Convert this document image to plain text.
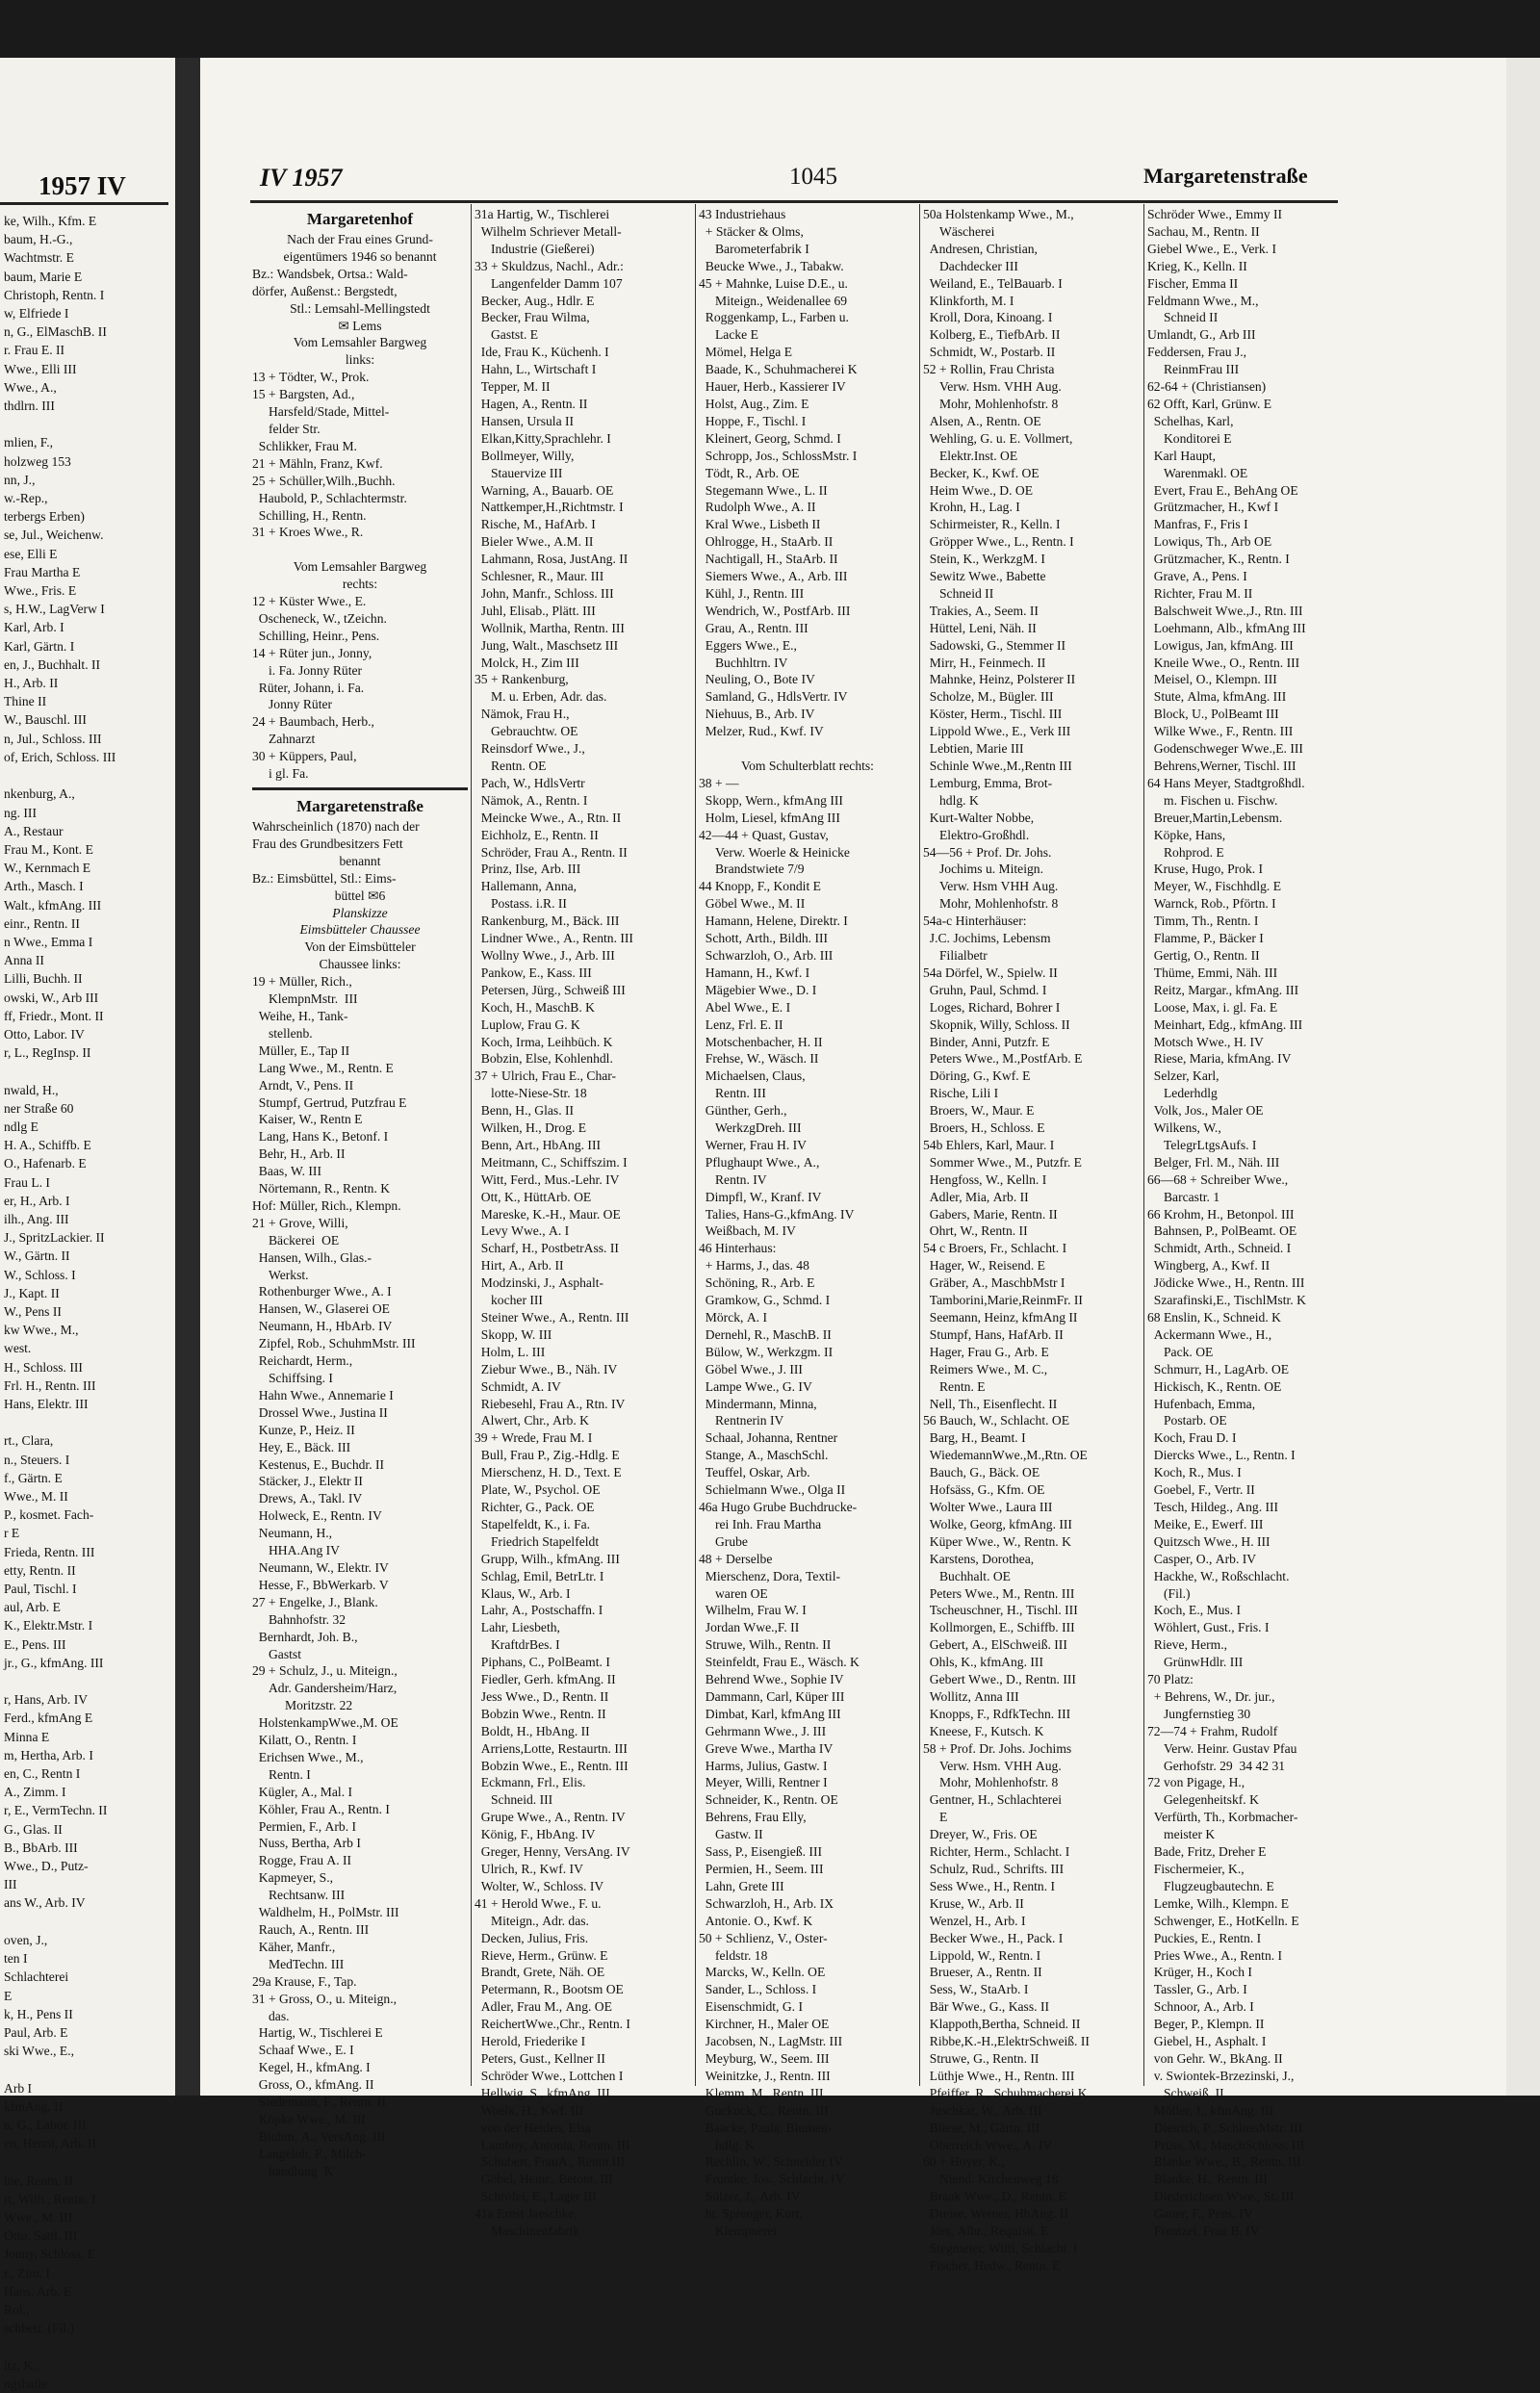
1957 IV
ke, Wilh., Kfm. E
baum, H.-G.,
Wachtmstr. E
baum, Marie E
Christoph, Rentn. I
w, Elfriede I
n, G., ElMaschB. II
r. Frau E. II
Wwe., Elli III
Wwe., A.,
thdlrn. III

mlien, F.,
holzweg 153
nn, J.,
w.-Rep.,
terbergs Erben)
se, Jul., Weichenw.
ese, Elli E
Frau Martha E
Wwe., Fris. E
s, H.W., LagVerw I
Karl, Arb. I
Karl, Gärtn. I
en, J., Buchhalt. II
H., Arb. II
Thine II
W., Bauschl. III
n, Jul., Schloss. III
of, Erich, Schloss. III

nkenburg, A.,
ng. III
A., Restaur
Frau M., Kont. E
W., Kernmach E
Arth., Masch. I
Walt., kfmAng. III
einr., Rentn. II
n Wwe., Emma I
Anna II
Lilli, Buchh. II
owski, W., Arb III
ff, Friedr., Mont. II
Otto, Labor. IV
r, L., RegInsp. II

nwald, H.,
ner Straße 60
ndlg E
H. A., Schiffb. E
O., Hafenarb. E
Frau L. I
er, H., Arb. I
ilh., Ang. III
J., SpritzLackier. II
W., Gärtn. II
W., Schloss. I
J., Kapt. II
W., Pens II
kw Wwe., M.,
west.
H., Schloss. III
Frl. H., Rentn. III
Hans, Elektr. III

rt., Clara,
n., Steuers. I
f., Gärtn. E
Wwe., M. II
P., kosmet. Fach-
r E
Frieda, Rentn. III
etty, Rentn. II
Paul, Tischl. I
aul, Arb. E
K., Elektr.Mstr. I
E., Pens. III
jr., G., kfmAng. III

r, Hans, Arb. IV
Ferd., kfmAng E
Minna E
m, Hertha, Arb. I
en, C., Rentn I
A., Zimm. I
r, E., VermTechn. II
G., Glas. II
B., BbArb. III
Wwe., D., Putz-
III
ans W., Arb. IV

oven, J.,
ten I
Schlachterei
E
k, H., Pens II
Paul, Arb. E
ski Wwe., E.,

Arb I
kfmAng. II
n, G., Labor. III
en, Henni, Arb. II

ine, Rentn. II
rt, Wilh., Rentn. I
Wwe., M. III
Otto, Sattl. III
Jonny, Schloss. E
r., Zim. I
Hans, Arb. E
Rol.,
schbetr. (Fil.)

itz, K.,
ngshalle
IV 1957	1045	Margaretenstraße
Margaretenhof
Nach der Frau eines Grund-
eigentümers 1946 so benannt
Bz.: Wandsbek, Ortsa.: Wald-
dörfer, Außenst.: Bergstedt,
Stl.: Lemsahl-Mellingstedt
✉ Lems
Vom Lemsahler Bargweg
links:
13 + Tödter, W., Prok.
15 + Bargsten, Ad.,
Harsfeld/Stade, Mittel-
felder Str.
Schlikker, Frau M.
21 + Mähln, Franz, Kwf.
25 + Schüller,Wilh.,Buchh.
Haubold, P., Schlachtermstr.
Schilling, H., Rentn.
31 + Kroes Wwe., R.

Vom Lemsahler Bargweg
rechts:
12 + Küster Wwe., E.
Oscheneck, W., tZeichn.
Schilling, Heinr., Pens.
14 + Rüter jun., Jonny,
i. Fa. Jonny Rüter
Rüter, Johann, i. Fa.
Jonny Rüter
24 + Baumbach, Herb.,
Zahnarzt
30 + Küppers, Paul,
i gl. Fa.
Margaretenstraße
Wahrscheinlich (1870) nach der
Frau des Grundbesitzers Fett
benannt
Bz.: Eimsbüttel, Stl.: Eims-
büttel ✉6
Planskizze
Eimsbütteler Chaussee
Von der Eimsbütteler
Chaussee links:
19 + Müller, Rich.,
KlempnMstr.  III
Weihe, H., Tank-
stellenb.
Müller, E., Tap II
Lang Wwe., M., Rentn. E
Arndt, V., Pens. II
Stumpf, Gertrud, Putzfrau E
Kaiser, W., Rentn E
Lang, Hans K., Betonf. I
Behr, H., Arb. II
Baas, W. III
Nörtemann, R., Rentn. K
Hof: Müller, Rich., Klempn.
21 + Grove, Willi,
Bäckerei  OE
Hansen, Wilh., Glas.-
Werkst.
Rothenburger Wwe., A. I
Hansen, W., Glaserei OE
Neumann, H., HbArb. IV
Zipfel, Rob., SchuhmMstr. III
Reichardt, Herm.,
Schiffsing. I
Hahn Wwe., Annemarie I
Drossel Wwe., Justina II
Kunze, P., Heiz. II
Hey, E., Bäck. III
Kestenus, E., Buchdr. II
Stäcker, J., Elektr II
Drews, A., Takl. IV
Holweck, E., Rentn. IV
Neumann, H.,
HHA.Ang IV
Neumann, W., Elektr. IV
Hesse, F., BbWerkarb. V
27 + Engelke, J., Blank.
Bahnhofstr. 32
Bernhardt, Joh. B.,
Gastst
29 + Schulz, J., u. Miteign.,
Adr. Gandersheim/Harz,
Moritzstr. 22
HolstenkampWwe.,M. OE
Kilatt, O., Rentn. I
Erichsen Wwe., M.,
Rentn. I
Kügler, A., Mal. I
Köhler, Frau A., Rentn. I
Permien, F., Arb. I
Nuss, Bertha, Arb I
Rogge, Frau A. II
Kapmeyer, S.,
Rechtsanw. III
Waldhelm, H., PolMstr. III
Rauch, A., Rentn. III
Käher, Manfr.,
MedTechn. III
29a Krause, F., Tap.
31 + Gross, O., u. Miteign.,
das.
Hartig, W., Tischlerei E
Schaaf Wwe., E. I
Kegel, H., kfmAng. I
Gross, O., kfmAng. II
Stedemann, F., Rentn. II
Köpke Wwe., M. III
Bluhm, A., VersAng. III
Langeloh, F., Milch-
handlung  K
31a Hartig, W., Tischlerei
Wilhelm Schriever Metall-
Industrie (Gießerei)
33 + Skuldzus, Nachl., Adr.:
Langenfelder Damm 107
Becker, Aug., Hdlr. E
Becker, Frau Wilma,
Gastst. E
Ide, Frau K., Küchenh. I
Hahn, L., Wirtschaft I
Tepper, M. II
Hagen, A., Rentn. II
Hansen, Ursula II
Elkan,Kitty,Sprachlehr. I
Bollmeyer, Willy,
Stauervize III
Warning, A., Bauarb. OE
Nattkemper,H.,Richtmstr. I
Rische, M., HafArb. I
Bieler Wwe., A.M. II
Lahmann, Rosa, JustAng. II
Schlesner, R., Maur. III
John, Manfr., Schloss. III
Juhl, Elisab., Plätt. III
Wollnik, Martha, Rentn. III
Jung, Walt., Maschsetz III
Molck, H., Zim III
35 + Rankenburg,
M. u. Erben, Adr. das.
Nämok, Frau H.,
Gebrauchtw. OE
Reinsdorf Wwe., J.,
Rentn. OE
Pach, W., HdlsVertr
Nämok, A., Rentn. I
Meincke Wwe., A., Rtn. II
Eichholz, E., Rentn. II
Schröder, Frau A., Rentn. II
Prinz, Ilse, Arb. III
Hallemann, Anna,
Postass. i.R. II
Rankenburg, M., Bäck. III
Lindner Wwe., A., Rentn. III
Wollny Wwe., J., Arb. III
Pankow, E., Kass. III
Petersen, Jürg., Schweiß III
Koch, H., MaschB. K
Luplow, Frau G. K
Koch, Irma, Leihbüch. K
Bobzin, Else, Kohlenhdl.
37 + Ulrich, Frau E., Char-
lotte-Niese-Str. 18
Benn, H., Glas. II
Wilken, H., Drog. E
Benn, Art., HbAng. III
Meitmann, C., Schiffszim. I
Witt, Ferd., Mus.-Lehr. IV
Ott, K., HüttArb. OE
Mareske, K.-H., Maur. OE
Levy Wwe., A. I
Scharf, H., PostbetrAss. II
Hirt, A., Arb. II
Modzinski, J., Asphalt-
kocher III
Steiner Wwe., A., Rentn. III
Skopp, W. III
Holm, L. III
Ziebur Wwe., B., Näh. IV
Schmidt, A. IV
Riebesehl, Frau A., Rtn. IV
Alwert, Chr., Arb. K
39 + Wrede, Frau M. I
Bull, Frau P., Zig.-Hdlg. E
Mierschenz, H. D., Text. E
Plate, W., Psychol. OE
Richter, G., Pack. OE
Stapelfeldt, K., i. Fa.
Friedrich Stapelfeldt
Grupp, Wilh., kfmAng. III
Schlag, Emil, BetrLtr. I
Klaus, W., Arb. I
Lahr, A., Postschaffn. I
Lahr, Liesbeth,
KraftdrBes. I
Piphans, C., PolBeamt. I
Fiedler, Gerh. kfmAng. II
Jess Wwe., D., Rentn. II
Bobzin Wwe., Rentn. II
Boldt, H., HbAng. II
Arriens,Lotte, Restaurtn. III
Bobzin Wwe., E., Rentn. III
Eckmann, Frl., Elis.
Schneid. III
Grupe Wwe., A., Rentn. IV
König, F., HbAng. IV
Greger, Henny, VersAng. IV
Ulrich, R., Kwf. IV
Wolter, W., Schloss. IV
41 + Herold Wwe., F. u.
Miteign., Adr. das.
Decken, Julius, Fris.
Rieve, Herm., Grünw. E
Brandt, Grete, Näh. OE
Petermann, R., Bootsm OE
Adler, Frau M., Ang. OE
ReichertWwe.,Chr., Rentn. I
Herold, Friederike I
Peters, Gust., Kellner II
Schröder Wwe., Lottchen I
Hellwig, S., kfmAng. III
Woelk, H., Kwf. III
von der Heiden, Elsa
Lamboy, Antonia, Rentn. III
Schubert, FrauA., Rentn III
Göbel, Heinr., Betont. III
Schröfel, E., Lager III
41a Ernst Jaeschke,
Maschinenfabrik
43 Industriehaus
+ Stäcker & Olms,
Barometerfabrik I
Beucke Wwe., J., Tabakw.
45 + Mahnke, Luise D.E., u.
Miteign., Weidenallee 69
Roggenkamp, L., Farben u.
Lacke E
Mömel, Helga E
Baade, K., Schuhmacherei K
Hauer, Herb., Kassierer IV
Holst, Aug., Zim. E
Hoppe, F., Tischl. I
Kleinert, Georg, Schmd. I
Schropp, Jos., SchlossMstr. I
Tödt, R., Arb. OE
Stegemann Wwe., L. II
Rudolph Wwe., A. II
Kral Wwe., Lisbeth II
Ohlrogge, H., StaArb. II
Nachtigall, H., StaArb. II
Siemers Wwe., A., Arb. III
Kühl, J., Rentn. III
Wendrich, W., PostfArb. III
Grau, A., Rentn. III
Eggers Wwe., E.,
Buchhltrn. IV
Neuling, O., Bote IV
Samland, G., HdlsVertr. IV
Niehuus, B., Arb. IV
Melzer, Rud., Kwf. IV

Vom Schulterblatt rechts:
38 + —
Skopp, Wern., kfmAng III
Holm, Liesel, kfmAng III
42—44 + Quast, Gustav,
Verw. Woerle & Heinicke
Brandstwiete 7/9
44 Knopp, F., Kondit E
Göbel Wwe., M. II
Hamann, Helene, Direktr. I
Schott, Arth., Bildh. III
Schwarzloh, O., Arb. III
Hamann, H., Kwf. I
Mägebier Wwe., D. I
Abel Wwe., E. I
Lenz, Frl. E. II
Motschenbacher, H. II
Frehse, W., Wäsch. II
Michaelsen, Claus,
Rentn. III
Günther, Gerh.,
WerkzgDreh. III
Werner, Frau H. IV
Pflughaupt Wwe., A.,
Rentn. IV
Dimpfl, W., Kranf. IV
Talies, Hans-G.,kfmAng. IV
Weißbach, M. IV
46 Hinterhaus:
+ Harms, J., das. 48
Schöning, R., Arb. E
Gramkow, G., Schmd. I
Mörck, A. I
Dernehl, R., MaschB. II
Bülow, W., Werkzgm. II
Göbel Wwe., J. III
Lampe Wwe., G. IV
Mindermann, Minna,
Rentnerin IV
Schaal, Johanna, Rentner
Stange, A., MaschSchl.
Teuffel, Oskar, Arb.
Schielmann Wwe., Olga II
46a Hugo Grube Buchdrucke-
rei Inh. Frau Martha
Grube
48 + Derselbe
Mierschenz, Dora, Textil-
waren OE
Wilhelm, Frau W. I
Jordan Wwe.,F. II
Struwe, Wilh., Rentn. II
Steinfeldt, Frau E., Wäsch. K
Behrend Wwe., Sophie IV
Dammann, Carl, Küper III
Dimbat, Karl, kfmAng III
Gehrmann Wwe., J. III
Greve Wwe., Martha IV
Harms, Julius, Gastw. I
Meyer, Willi, Rentner I
Schneider, K., Rentn. OE
Behrens, Frau Elly,
Gastw. II
Sass, P., Eisengieß. III
Permien, H., Seem. III
Lahn, Grete III
Schwarzloh, H., Arb. IX
Antonie. O., Kwf. K
50 + Schlienz, V., Oster-
feldstr. 18
Marcks, W., Kelln. OE
Sander, L., Schloss. I
Eisenschmidt, G. I
Kirchner, H., Maler OE
Jacobsen, N., LagMstr. III
Meyburg, W., Seem. III
Weinitzke, J., Rentn. III
Klemm, M., Rentn. III
Guckuck, C., Rentn. III
Baacke, Paula, Blumen-
hdlg. K
Rechlin, W., Schneider IV
Fruntke, Jos., Schlacht. IV
Sülzer, J., Arb. IV
ht. Sprenger, Kurt,
Klempnerei
50a Holstenkamp Wwe., M.,
Wäscherei
Andresen, Christian,
Dachdecker III
Weiland, E., TelBauarb. I
Klinkforth, M. I
Kroll, Dora, Kinoang. I
Kolberg, E., TiefbArb. II
Schmidt, W., Postarb. II
52 + Rollin, Frau Christa
Verw. Hsm. VHH Aug.
Mohr, Mohlenhofstr. 8
Alsen, A., Rentn. OE
Wehling, G. u. E. Vollmert,
Elektr.Inst. OE
Becker, K., Kwf. OE
Heim Wwe., D. OE
Krohn, H., Lag. I
Schirmeister, R., Kelln. I
Gröpper Wwe., L., Rentn. I
Stein, K., WerkzgM. I
Sewitz Wwe., Babette
Schneid II
Trakies, A., Seem. II
Hüttel, Leni, Näh. II
Sadowski, G., Stemmer II
Mirr, H., Feinmech. II
Mahnke, Heinz, Polsterer II
Scholze, M., Bügler. III
Köster, Herm., Tischl. III
Lippold Wwe., E., Verk III
Lebtien, Marie III
Schinle Wwe.,M.,Rentn III
Lemburg, Emma, Brot-
hdlg. K
Kurt-Walter Nobbe,
Elektro-Großhdl.
54—56 + Prof. Dr. Johs.
Jochims u. Miteign.
Verw. Hsm VHH Aug.
Mohr, Mohlenhofstr. 8
54a-c Hinterhäuser:
J.C. Jochims, Lebensm
Filialbetr
54a Dörfel, W., Spielw. II
Gruhn, Paul, Schmd. I
Loges, Richard, Bohrer I
Skopnik, Willy, Schloss. II
Binder, Anni, Putzfr. E
Peters Wwe., M.,PostfArb. E
Döring, G., Kwf. E
Rische, Lili I
Broers, W., Maur. E
Broers, H., Schloss. E
54b Ehlers, Karl, Maur. I
Sommer Wwe., M., Putzfr. E
Hengfoss, W., Kelln. I
Adler, Mia, Arb. II
Gabers, Marie, Rentn. II
Ohrt, W., Rentn. II
54 c Broers, Fr., Schlacht. I
Hager, W., Reisend. E
Gräber, A., MaschbMstr I
Tamborini,Marie,ReinmFr. II
Seemann, Heinz, kfmAng II
Stumpf, Hans, HafArb. II
Hager, Frau G., Arb. E
Reimers Wwe., M. C.,
Rentn. E
Nell, Th., Eisenflecht. II
56 Bauch, W., Schlacht. OE
Barg, H., Beamt. I
WiedemannWwe.,M.,Rtn. OE
Bauch, G., Bäck. OE
Hofsäss, G., Kfm. OE
Wolter Wwe., Laura III
Wolke, Georg, kfmAng. III
Küper Wwe., W., Rentn. K
Karstens, Dorothea,
Buchhalt. OE
Peters Wwe., M., Rentn. III
Tscheuschner, H., Tischl. III
Kollmorgen, E., Schiffb. III
Gebert, A., ElSchweiß. III
Ohls, K., kfmAng. III
Gebert Wwe., D., Rentn. III
Wollitz, Anna III
Knopps, F., RdfkTechn. III
Kneese, F., Kutsch. K
58 + Prof. Dr. Johs. Jochims
Verw. Hsm. VHH Aug.
Mohr, Mohlenhofstr. 8
Gentner, H., Schlachterei
E
Dreyer, W., Fris. OE
Richter, Herm., Schlacht. I
Schulz, Rud., Schrifts. III
Sess Wwe., H., Rentn. I
Kruse, W., Arb. II
Wenzel, H., Arb. I
Becker Wwe., H., Pack. I
Lippold, W., Rentn. I
Brueser, A., Rentn. II
Sess, W., StaArb. I
Bär Wwe., G., Kass. II
Klappoth,Bertha, Schneid. II
Ribbe,K.-H.,ElektrSchweiß. II
Struwe, G., Rentn. II
Lüthje Wwe., H., Rentn. III
Pfeiffer, R., Schuhmacherei K
Juschkat, W., Arb. III
Bliese, M., Gärtn. III
Oberreich Wwe., A. IV
60 + Hoyer, K.,
Niend. Kirchenweg 18
Braak Wwe., D., Rentn. E
Dreise, Werner, HbAng. II
Jörs, Albr., Requisit. E
Stegmeier, Willi, Schlacht. I
Fischer, Hedw., Rentn. E
Schröder Wwe., Emmy II
Sachau, M., Rentn. II
Giebel Wwe., E., Verk. I
Krieg, K., Kelln. II
Fischer, Emma II
Feldmann Wwe., M.,
Schneid II
Umlandt, G., Arb III
Feddersen, Frau J.,
ReinmFrau III
62-64 + (Christiansen)
62 Offt, Karl, Grünw. E
Schelhas, Karl,
Konditorei E
Karl Haupt,
Warenmakl. OE
Evert, Frau E., BehAng OE
Grützmacher, H., Kwf I
Manfras, F., Fris I
Lowiqus, Th., Arb OE
Grützmacher, K., Rentn. I
Grave, A., Pens. I
Richter, Frau M. II
Balschweit Wwe.,J., Rtn. III
Loehmann, Alb., kfmAng III
Lowigus, Jan, kfmAng. III
Kneile Wwe., O., Rentn. III
Meisel, O., Klempn. III
Stute, Alma, kfmAng. III
Block, U., PolBeamt III
Wilke Wwe., F., Rentn. III
Godenschweger Wwe.,E. III
Behrens,Werner, Tischl. III
64 Hans Meyer, Stadtgroßhdl.
m. Fischen u. Fischw.
Breuer,Martin,Lebensm.
Köpke, Hans,
Rohprod. E
Kruse, Hugo, Prok. I
Meyer, W., Fischhdlg. E
Warnck, Rob., Pförtn. I
Timm, Th., Rentn. I
Flamme, P., Bäcker I
Gertig, O., Rentn. II
Thüme, Emmi, Näh. III
Reitz, Margar., kfmAng. III
Loose, Max, i. gl. Fa. E
Meinhart, Edg., kfmAng. III
Motsch Wwe., H. IV
Riese, Maria, kfmAng. IV
Selzer, Karl,
Lederhdlg
Volk, Jos., Maler OE
Wilkens, W.,
TelegrLtgsAufs. I
Belger, Frl. M., Näh. III
66—68 + Schreiber Wwe.,
Barcastr. 1
66 Krohm, H., Betonpol. III
Bahnsen, P., PolBeamt. OE
Schmidt, Arth., Schneid. I
Wingberg, A., Kwf. II
Jödicke Wwe., H., Rentn. III
Szarafinski,E., TischlMstr. K
68 Enslin, K., Schneid. K
Ackermann Wwe., H.,
Pack. OE
Schmurr, H., LagArb. OE
Hickisch, K., Rentn. OE
Hufenbach, Emma,
Postarb. OE
Koch, Frau D. I
Diercks Wwe., L., Rentn. I
Koch, R., Mus. I
Goebel, F., Vertr. II
Tesch, Hildeg., Ang. III
Meike, E., Ewerf. III
Quitzsch Wwe., H. III
Casper, O., Arb. IV
Hackhe, W., Roßschlacht.
(Fil.)
Koch, E., Mus. I
Wöhlert, Gust., Fris. I
Rieve, Herm.,
GrünwHdlr. III
70 Platz:
+ Behrens, W., Dr. jur.,
Jungfernstieg 30
72—74 + Frahm, Rudolf
Verw. Heinr. Gustav Pfau
Gerhofstr. 29  34 42 31
72 von Pigage, H.,
Gelegenheitskf. K
Verfürth, Th., Korbmacher-
meister K
Bade, Fritz, Dreher E
Fischermeier, K.,
Flugzeugbautechn. E
Lemke, Wilh., Klempn. E
Schwenger, E., HotKelln. E
Puckies, E., Rentn. I
Pries Wwe., A., Rentn. I
Krüger, H., Koch I
Tassler, G., Arb. I
Schnoor, A., Arb. I
Beger, P., Klempn. II
Giebel, H., Asphalt. I
von Gehr. W., BkAng. II
v. Swiontek-Brzezinski, J.,
Schweiß. II
Möller, J., kfmAng. III
Dietrich, P., SchlossMstr. III
Prüss, M., MaschSchloss. III
Blanke Wwe., B., Rentn. III
Blanke, H., Rentn. III
Diederichsen Wwe., St. III
Gauer, F., Pens. IV
Frentzel, Frau B. IV
